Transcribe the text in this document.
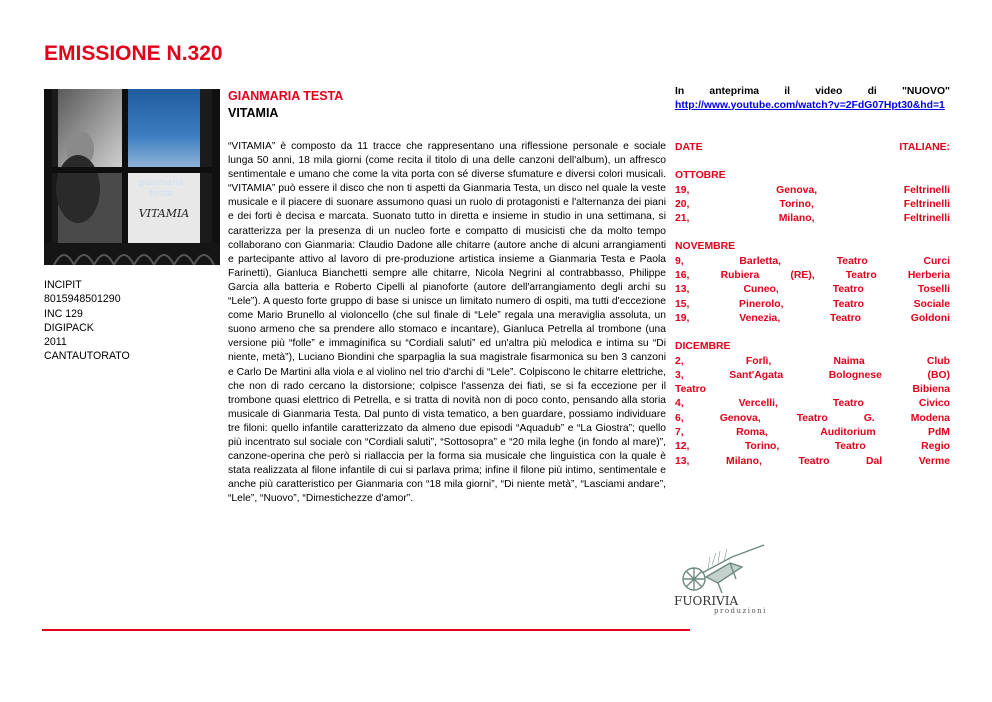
EMISSIONE N.320
gianmaria
testa
VITAMIA
INCIPIT
8015948501290
INC 129
DIGIPACK
2011
CANTAUTORATO
GIANMARIA TESTA
VITAMIA
“VITAMIA” è composto da 11 tracce che rappresentano una riflessione personale e sociale lunga 50 anni, 18 mila giorni (come recita il titolo di una delle canzoni dell'album), un affresco sentimentale e umano che come la vita porta con sé diverse sfumature e diversi colori musicali. “VITAMIA” può essere il disco che non ti aspetti da Gianmaria Testa, un disco nel quale la veste musicale e il piacere di suonare assumono quasi un ruolo di protagonisti e l'alternanza dei piani e dei forti è decisa e marcata. Suonato tutto in diretta e insieme in studio in una settimana, si caratterizza per la presenza di un nucleo forte e compatto di musicisti che da molto tempo collaborano con Gianmaria: Claudio Dadone alle chitarre (autore anche di alcuni arrangiamenti e partecipante attivo al lavoro di pre-produzione artistica insieme a Gianmaria Testa e Paola Farinetti), Gianluca Bianchetti sempre alle chitarre, Nicola Negrini al contrabbasso, Philippe Garcia alla batteria e Roberto Cipelli al pianoforte (autore dell'arrangiamento degli archi su “Lele”). A questo forte gruppo di base si unisce un limitato numero di ospiti, ma tutti d'eccezione come Mario Brunello al violoncello (che sul finale di “Lele” regala una meraviglia assoluta, un suono armeno che sa prendere allo stomaco e incantare), Gianluca Petrella al trombone (una versione più “folle” e immaginifica su “Cordiali saluti” ed un'altra più melodica e intima su “Di niente, metà”), Luciano Biondini che sparpaglia la sua magistrale fisarmonica su ben 3 canzoni e Carlo De Martini alla viola e al violino nel trio d'archi di “Lele”. Colpiscono le chitarre elettriche, che non di rado cercano la distorsione; colpisce l'assenza dei fiati, se si fa eccezione per il trombone quasi elettrico di Petrella, e si tratta di novità non di poco conto, pensando alla storia musicale di Gianmaria Testa. Dal punto di vista tematico, a ben guardare, possiamo individuare tre filoni: quello infantile caratterizzato da almeno due episodi “Aquadub” e “La Giostra”; quello più incentrato sul sociale con “Cordiali saluti”, “Sottosopra” e “20 mila leghe (in fondo al mare)”, canzone-operina che però si riallaccia per la forma sia musicale che linguistica con la quale è stata realizzata al filone infantile di cui si parlava prima; infine il filone più intimo, sentimentale e anche più caratteristico per Gianmaria con “18 mila giorni”, “Di niente metà”, “Lasciami andare”, “Lele”, “Nuovo”, “Dimestichezze d'amor”.
In anteprima il video di "NUOVO"
http://www.youtube.com/watch?v=2FdG07Hpt30&hd=1
DATE	ITALIANE:
OTTOBRE
19,	Genova,	Feltrinelli
20,	Torino,	Feltrinelli
21,	Milano,	Feltrinelli
NOVEMBRE
9,	Barletta,	Teatro	Curci
16,	Rubiera	(RE),	Teatro	Herberia
13,	Cuneo,	Teatro	Toselli
15,	Pinerolo,	Teatro	Sociale
19,	Venezia,	Teatro	Goldoni
DICEMBRE
2,	Forlì,	Naima	Club
3,	Sant'Agata	Bolognese	(BO)
Teatro	Bibiena
4,	Vercelli,	Teatro	Civico
6,	Genova,	Teatro	G.	Modena
7,	Roma,	Auditorium	PdM
12,	Torino,	Teatro	Regio
13,	Milano,	Teatro	Dal	Verme
FUORIVIA
produzioni
